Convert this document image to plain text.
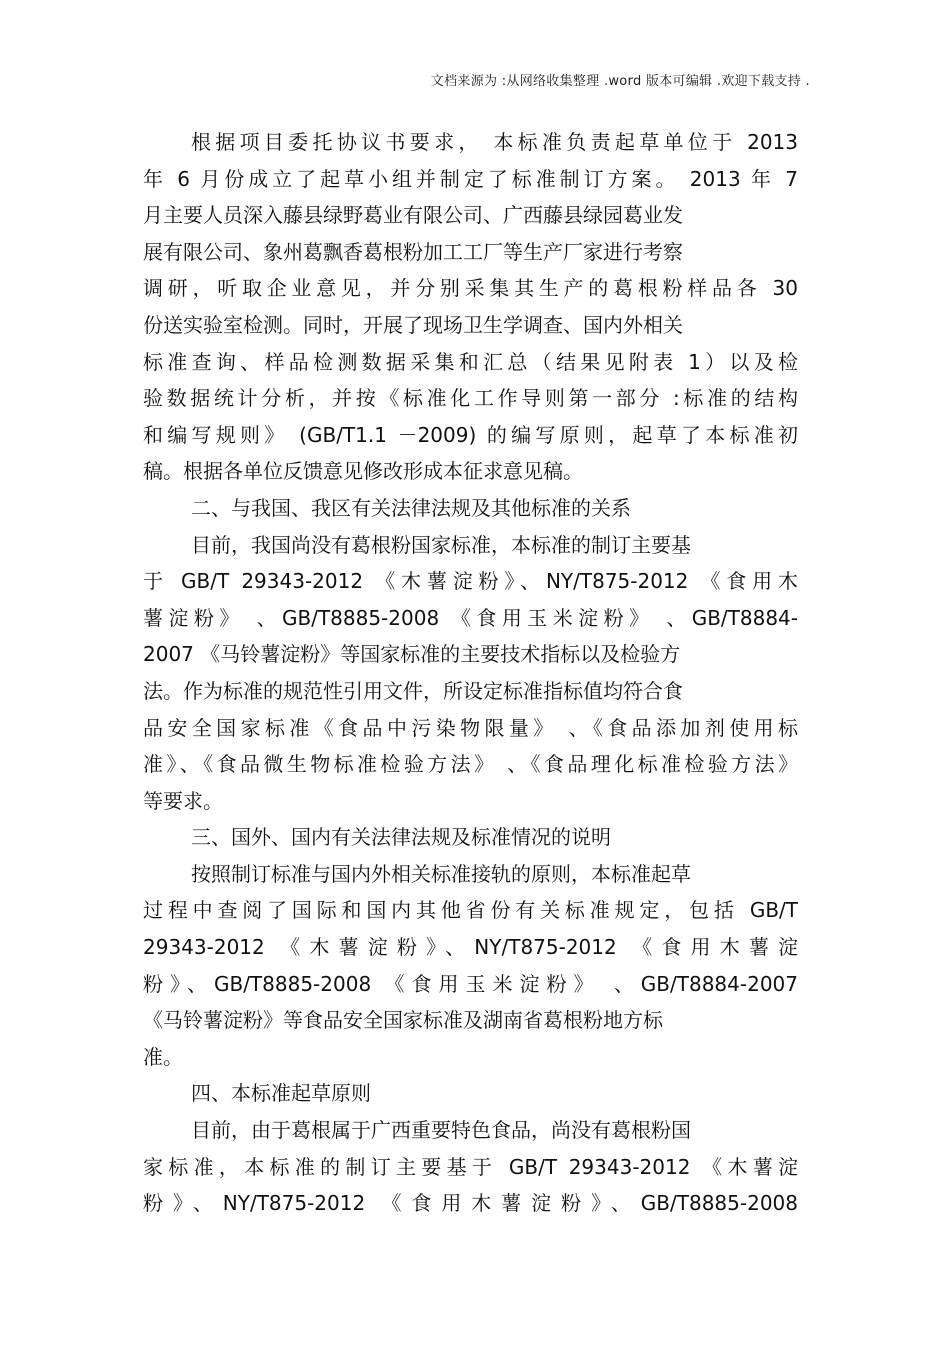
文档来源为 :从网络收集整理 .word 版本可编辑 .欢迎下载支持 .
根据项目委托协议书要求， 本标准负责起草单位于 2013
年 6 月份成立了起草小组并制定了标准制订方案。 2013 年 7
月主要人员深入藤县绿野葛业有限公司、广西藤县绿园葛业发
展有限公司、象州葛飘香葛根粉加工工厂等生产厂家进行考察
调研，听取企业意见，并分别采集其生产的葛根粉样品各 30
份送实验室检测。同时，开展了现场卫生学调查、国内外相关
标准查询、样品检测数据采集和汇总（结果见附表 1）以及检
验数据统计分析，并按《标准化工作导则第一部分 :标准的结构
和编写规则》 (GB/T1.1 －2009) 的编写原则，起草了本标准初
稿。根据各单位反馈意见修改形成本征求意见稿。
二、与我国、我区有关法律法规及其他标准的关系
目前，我国尚没有葛根粉国家标准，本标准的制订主要基
于 GB/T 29343-2012 《木薯淀粉》、NY/T875-2012 《食用木
薯淀粉》 、GB/T8885-2008 《食用玉米淀粉》 、GB/T8884-
2007 《马铃薯淀粉》等国家标准的主要技术指标以及检验方
法。作为标准的规范性引用文件，所设定标准指标值均符合食
品安全国家标准《食品中污染物限量》 、《食品添加剂使用标
准》、《食品微生物标准检验方法》 、《食品理化标准检验方法》
等要求。
三、国外、国内有关法律法规及标准情况的说明
按照制订标准与国内外相关标准接轨的原则，本标准起草
过程中查阅了国际和国内其他省份有关标准规定，包括 GB/T
29343-2012 《木薯淀粉》、NY/T875-2012 《食用木薯淀
粉》、GB/T8885-2008 《食用玉米淀粉》 、GB/T8884-2007
《马铃薯淀粉》等食品安全国家标准及湖南省葛根粉地方标
准。
四、本标准起草原则
目前，由于葛根属于广西重要特色食品，尚没有葛根粉国
家标准，本标准的制订主要基于 GB/T 29343-2012 《木薯淀
粉》、NY/T875-2012 《食用木薯淀粉》、GB/T8885-2008
